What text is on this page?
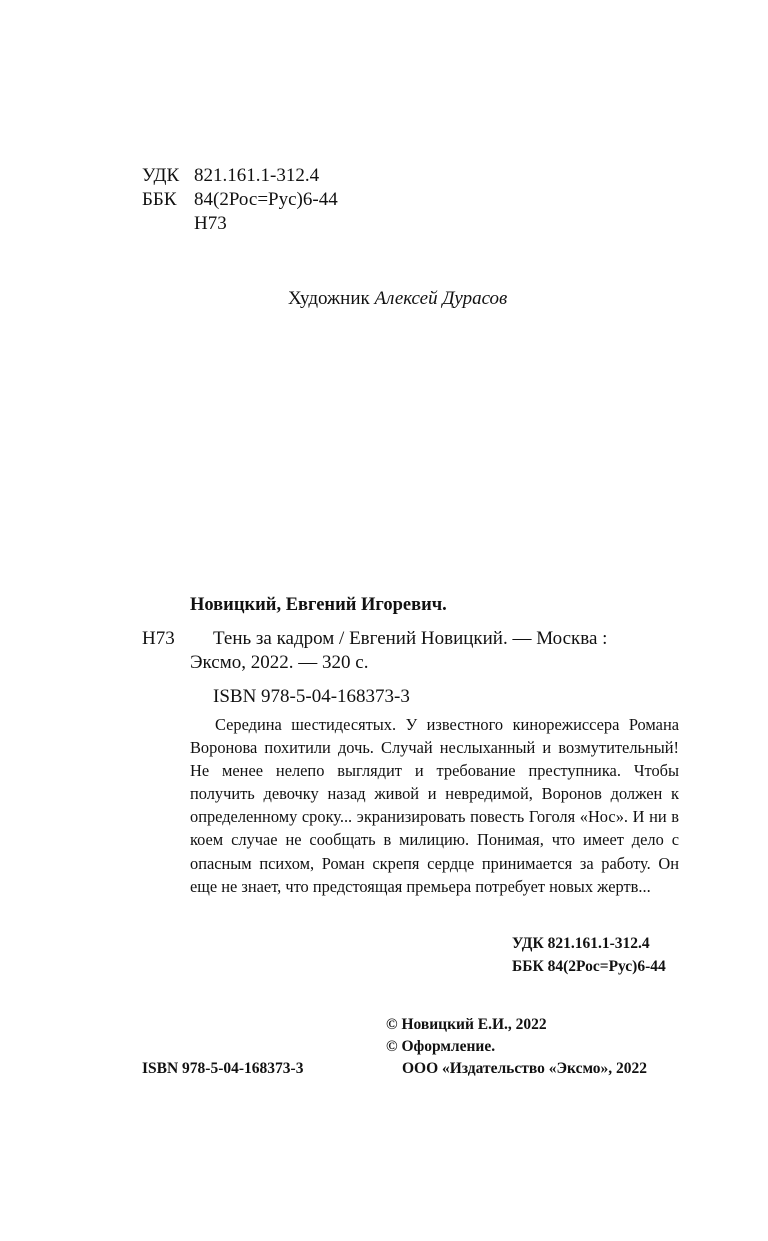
УДК 821.161.1-312.4
ББК 84(2Рос=Рус)6-44
Н73
Художник Алексей Дурасов
Новицкий, Евгений Игоревич.
Н73 Тень за кадром / Евгений Новицкий. — Москва :
Эксмо, 2022. — 320 с.
ISBN 978-5-04-168373-3
Середина шестидесятых. У известного кинорежиссера Романа Воронова похитили дочь. Случай неслыханный и возмутительный! Не менее нелепо выглядит и требование преступника. Чтобы получить девочку назад живой и невредимой, Воронов должен к определенному сроку... экранизировать повесть Гоголя «Нос». И ни в коем случае не сообщать в милицию. Понимая, что имеет дело с опасным психом, Роман скрепя сердце принимается за работу. Он еще не знает, что предстоящая премьера потребует новых жертв...
УДК 821.161.1-312.4
ББК 84(2Рос=Рус)6-44
© Новицкий Е.И., 2022
© Оформление.
ООО «Издательство «Эксмо», 2022
ISBN 978-5-04-168373-3
